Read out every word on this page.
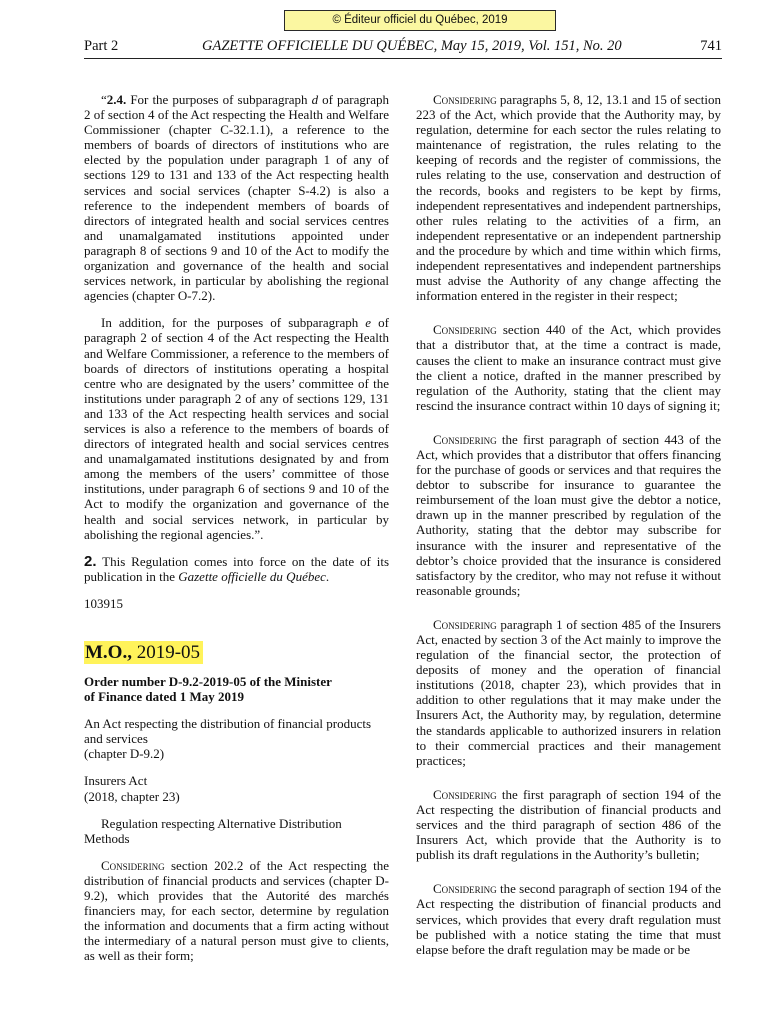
© Éditeur officiel du Québec, 2019
Part 2	GAZETTE OFFICIELLE DU QUÉBEC, May 15, 2019, Vol. 151, No. 20	741

“2.4. For the purposes of subparagraph d of paragraph 2 of section 4 of the Act respecting the Health and Welfare Commissioner (chapter C-32.1.1), a reference to the members of boards of directors of institutions who are elected by the population under paragraph 1 of any of sections 129 to 131 and 133 of the Act respecting health services and social services (chapter S-4.2) is also a reference to the independent members of boards of directors of integrated health and social services centres and unamalgamated institutions appointed under paragraph 8 of sections 9 and 10 of the Act to modify the organization and governance of the health and social services network, in particular by abolishing the regional agencies (chapter O-7.2).

In addition, for the purposes of subparagraph e of paragraph 2 of section 4 of the Act respecting the Health and Welfare Commissioner, a reference to the members of boards of directors of institutions operating a hospital centre who are designated by the users’ committee of the institutions under paragraph 2 of any of sections 129, 131 and 133 of the Act respecting health services and social services is also a reference to the members of boards of directors of integrated health and social services centres and unamalgamated institutions designated by and from among the members of the users’ committee of those institutions, under paragraph 6 of sections 9 and 10 of the Act to modify the organization and governance of the health and social services network, in particular by abolishing the regional agencies.”.

2. This Regulation comes into force on the date of its publication in the Gazette officielle du Québec.

103915

M.O., 2019-05

Order number D-9.2-2019-05 of the Minister
of Finance dated 1 May 2019

An Act respecting the distribution of financial products
and services
(chapter D-9.2)

Insurers Act
(2018, chapter 23)

Regulation respecting Alternative Distribution Methods

Considering section 202.2 of the Act respecting the distribution of financial products and services (chapter D-9.2), which provides that the Autorité des marchés financiers may, for each sector, determine by regulation the information and documents that a firm acting without the intermediary of a natural person must give to clients, as well as their form;

Considering paragraphs 5, 8, 12, 13.1 and 15 of section 223 of the Act, which provide that the Authority may, by regulation, determine for each sector the rules relating to maintenance of registration, the rules relating to the keeping of records and the register of commissions, the rules relating to the use, conservation and destruction of the records, books and registers to be kept by firms, independent representatives and independent partnerships, other rules relating to the activities of a firm, an independent representative or an independent partnership and the procedure by which and time within which firms, independent representatives and independent partnerships must advise the Authority of any change affecting the information entered in the register in their respect;

Considering section 440 of the Act, which provides that a distributor that, at the time a contract is made, causes the client to make an insurance contract must give the client a notice, drafted in the manner prescribed by regulation of the Authority, stating that the client may rescind the insurance contract within 10 days of signing it;

Considering the first paragraph of section 443 of the Act, which provides that a distributor that offers financing for the purchase of goods or services and that requires the debtor to subscribe for insurance to guarantee the reimbursement of the loan must give the debtor a notice, drawn up in the manner prescribed by regulation of the Authority, stating that the debtor may subscribe for insurance with the insurer and representative of the debtor’s choice provided that the insurance is considered satisfactory by the creditor, who may not refuse it without reasonable grounds;

Considering paragraph 1 of section 485 of the Insurers Act, enacted by section 3 of the Act mainly to improve the regulation of the financial sector, the protection of deposits of money and the operation of financial institutions (2018, chapter 23), which provides that in addition to other regulations that it may make under the Insurers Act, the Authority may, by regulation, determine the standards applicable to authorized insurers in relation to their commercial practices and their management practices;

Considering the first paragraph of section 194 of the Act respecting the distribution of financial products and services and the third paragraph of section 486 of the Insurers Act, which provide that the Authority is to publish its draft regulations in the Authority’s bulletin;

Considering the second paragraph of section 194 of the Act respecting the distribution of financial products and services, which provides that every draft regulation must be published with a notice stating the time that must elapse before the draft regulation may be made or be
